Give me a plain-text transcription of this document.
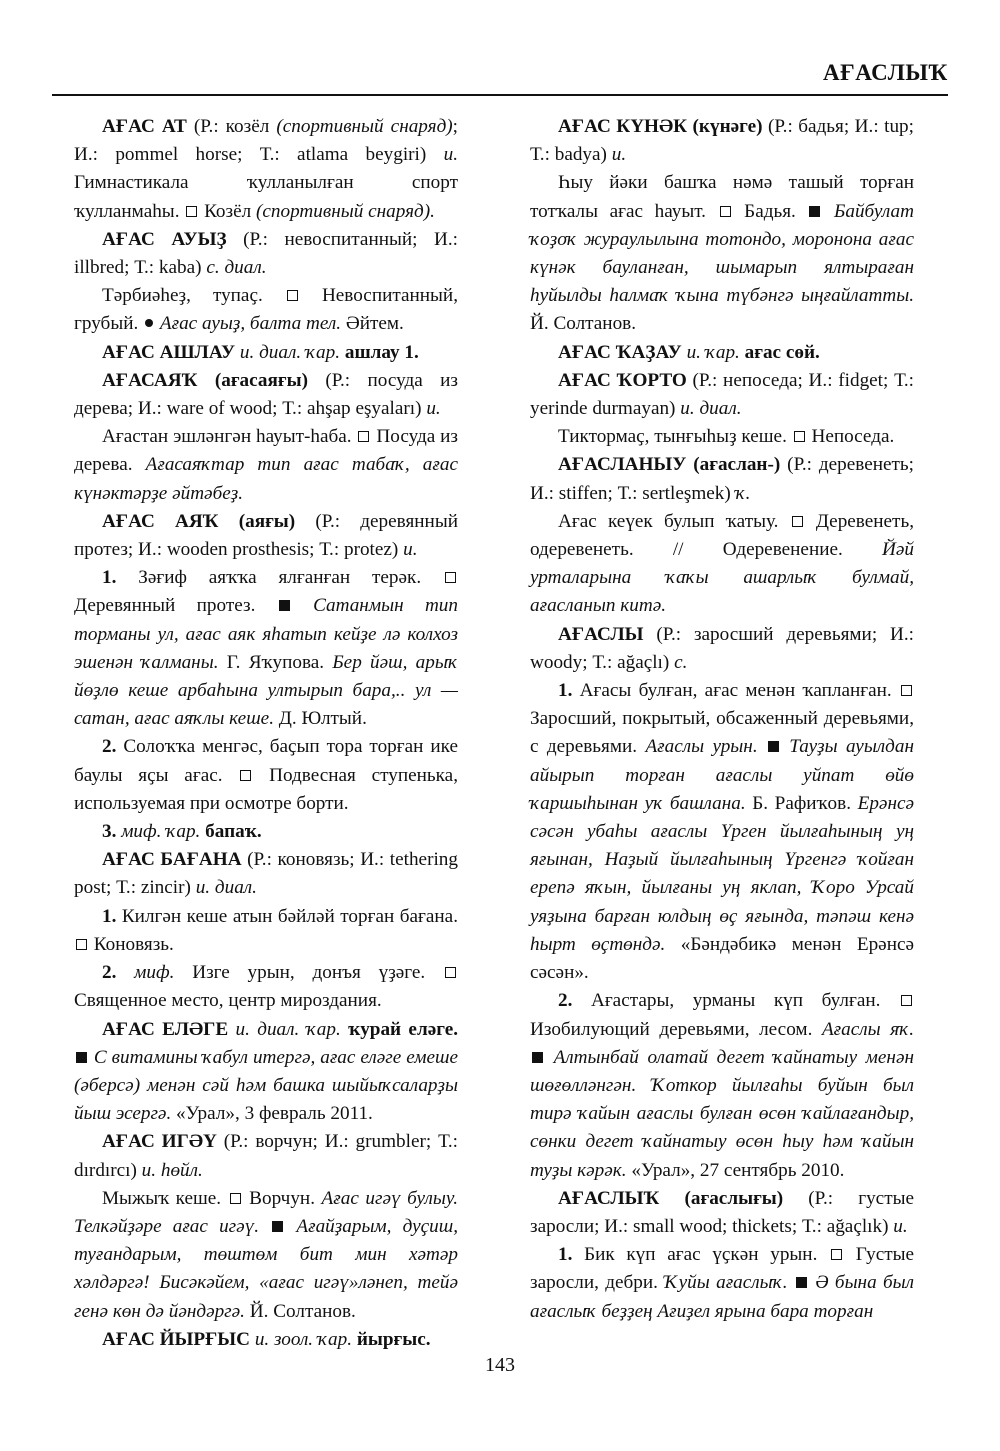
АҒАСЛЫҠ

АҒАС АТ (Р.: козёл (спортивный снаряд); И.: pommel horse; Т.: atlama beygiri) и. Гимнастикала ҡулланылған спорт ҡулланмаһы.  Козёл (спортивный снаряд).

АҒАС АУЫҘ (Р.: невоспитанный; И.: illbred; Т.: kaba) с. диал.

Тәрбиәһеҙ, тупаҫ.  Невоспитанный, грубый.  Ағас ауыҙ, балта тел. Әйтем.

АҒАС АШЛАУ и. диал. ҡар. ашлау 1.

АҒАСАЯҠ (ағасаяғы) (Р.: посуда из дерева; И.: ware of wood; Т.: ahşap eşyaları) и.

Ағастан эшләнгән һауыт-һаба.  Посуда из дерева. Ағасаяҡтар тип ағас табаҡ, ағас күнәктәрҙе әйтәбеҙ.

АҒАС АЯҠ (аяғы) (Р.: деревянный протез; И.: wooden prosthesis; Т.: protez) и.

1. Зәғиф аяҡҡа ялғанған терәк.  Деревянный протез.  Сатанмын тип торманы ул, ағас аяк яһатып кейҙе лә колхоз эшенән ҡалманы. Г. Яҡупова. Бер йәш, арыҡ йөҙлө кеше арбаһына ултырып бара,.. ул — сатан, ағас аяҡлы кеше. Д. Юлтый.

2. Солоҡҡа менгәс, баҫып тора торған ике баулы яҫы ағас.  Подвесная ступенька, используемая при осмотре борти.

3. миф. ҡар. бапаҡ.

АҒАС БАҒАНА (Р.: коновязь; И.: tethering post; Т.: zincir) и. диал.

1. Килгән кеше атын бәйләй торған бағана.  Коновязь.

2. миф. Изге урын, донъя үҙәге.  Священное место, центр мироздания.

АҒАС ЕЛӘГЕ и. диал. ҡар. ҡурай еләге.  С витамины ҡабул итергә, ағас еләге емеше (әберсә) менән сәй һәм башка шыйыҡсаларҙы йыш эсергә. «Урал», 3 февраль 2011.

АҒАС ИГӘҮ (Р.: ворчун; И.: grumbler; Т.: dırdırcı) и. һөйл.

Мыжыҡ кеше.  Ворчун. Ағас игәү булыу. Телкәйҙәре ағас игәү.  Ағайҙарым, дуҫиш, туғандарым, төштөм бит мин хәтәр хәлдәргә! Бисәкәйем, «ағас игәү»ләнеп, тейә генә көн дә йәндәргә. Й. Солтанов.

АҒАС ЙЫРҒЫС и. зоол. ҡар. йырғыс.

АҒАС КҮНӘК (күнәге) (Р.: бадья; И.: tup; Т.: badya) и.

Һыу йәки башҡа нәмә ташый торған тотҡалы ағас һауыт.  Бадья.  Байбулат ҡоҙоҡ жураулылына тотондо, моронона ағас күнәк бауланған, шымарып ялтыраған һуйылды һалмаҡ ҡына түбәнгә ыңғайлатты. Й. Солтанов.

АҒАС ҠАҘАУ и. ҡар. ағас сөй.

АҒАС ҠОРТО (Р.: непоседа; И.: fidget; Т.: yerinde durmayan) и. диал.

Тиктормаҫ, тынғыһыҙ кеше.  Непоседа.

АҒАСЛАНЫУ (ағаслан-) (Р.: деревенеть; И.: stiffen; Т.: sertleşmek) ҡ.

Ағас кеүек булып ҡатыу.  Деревенеть, одеревенеть. // Одеревенение. Йәй урталарына ҡаҡы ашарлыҡ булмай, ағасланып китә.

АҒАСЛЫ (Р.: заросший деревьями; И.: woody; Т.: ağaçlı) с.

1. Ағасы булған, ағас менән ҡапланған.  Заросший, покрытый, обсаженный деревьями, с деревьями. Ағаслы урын.  Тауҙы ауылдан айырып торған ағаслы уйпат өйө ҡаршыһынан уҡ башлана. Б. Рафиҡов. Ерәнсә сәсән убаһы ағаслы Үрген йылғаһының уң яғынан, Наҙый йылғаһының Үргенгә ҡойған ерenә яҡын, йылғаны уң яклап, Ҡоро Урсай уяҙына барған юлдың өҫ яғында, тәпәш кенә һырт өҫтөндә. «Бәндәбикә менән Ерәнсә сәсән».

2. Ағастары, урманы күп булған.  Изобилующий деревьями, лесом. Ағаслы яҡ.  Алтынбай олатай дегет ҡайнатыу менән шөғөлләнгән. Ҡоткор йылғаһы буйын был тирә ҡайын ағаслы булған өсөн ҡайлағандыр, сөнки дегет ҡайнатыу өсөн һыу һәм ҡайын туҙы кәрәк. «Урал», 27 сентябрь 2010.

АҒАСЛЫҠ (ағаслығы) (Р.: густые заросли; И.: small wood; thickets; Т.: ağaçlık) и.

1. Бик күп ағас үҫкән урын.  Густые заросли, дебри. Ҡуйы ағаслыҡ.  Ә бына был ағаслыҡ беҙҙең Ағиҙел ярына бара торған

143
